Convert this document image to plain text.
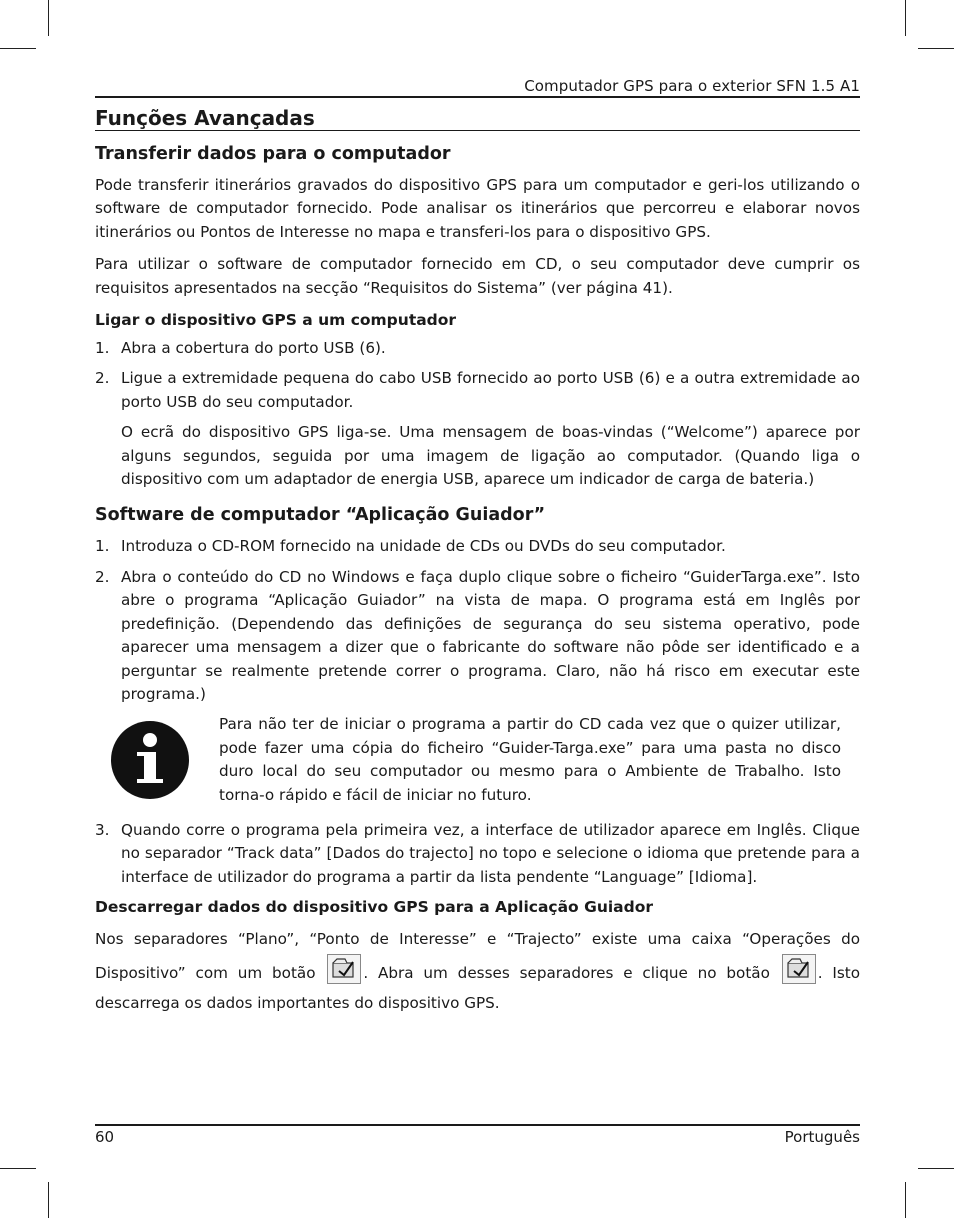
Computador GPS para o exterior SFN 1.5 A1
Funções Avançadas
Transferir dados para o computador

Pode transferir itinerários gravados do dispositivo GPS para um computador e geri-los utilizando o software de computador fornecido. Pode analisar os itinerários que percorreu e elaborar novos itinerários ou Pontos de Interesse no mapa e transferi-los para o dispositivo GPS.

Para utilizar o software de computador fornecido em CD, o seu computador deve cumprir os requisitos apresentados na secção “Requisitos do Sistema” (ver página 41).

Ligar o dispositivo GPS a um computador
1. Abra a cobertura do porto USB (6).
2. Ligue a extremidade pequena do cabo USB fornecido ao porto USB (6) e a outra extremidade ao porto USB do seu computador.

O ecrã do dispositivo GPS liga-se. Uma mensagem de boas-vindas (“Welcome”) aparece por alguns segundos, seguida por uma imagem de ligação ao computador. (Quando liga o dispositivo com um adaptador de energia USB, aparece um indicador de carga de bateria.)

Software de computador “Aplicação Guiador”
1. Introduza o CD-ROM fornecido na unidade de CDs ou DVDs do seu computador.
2. Abra o conteúdo do CD no Windows e faça duplo clique sobre o ficheiro “GuiderTarga.exe”. Isto abre o programa “Aplicação Guiador” na vista de mapa. O programa está em Inglês por predefinição. (Dependendo das definições de segurança do seu sistema operativo, pode aparecer uma mensagem a dizer que o fabricante do software não pôde ser identificado e a perguntar se realmente pretende correr o programa. Claro, não há risco em executar este programa.)
Para não ter de iniciar o programa a partir do CD cada vez que o quizer utilizar, pode fazer uma cópia do ficheiro “Guider-Targa.exe” para uma pasta no disco duro local do seu computador ou mesmo para o Ambiente de Trabalho. Isto torna-o rápido e fácil de iniciar no futuro.
3. Quando corre o programa pela primeira vez, a interface de utilizador aparece em Inglês. Clique no separador “Track data” [Dados do trajecto] no topo e selecione o idioma que pretende para a interface de utilizador do programa a partir da lista pendente “Language” [Idioma].
Descarregar dados do dispositivo GPS para a Aplicação Guiador

Nos separadores “Plano”, “Ponto de Interesse” e “Trajecto” existe uma caixa “Operações do Dispositivo” com um botão	. Abra um desses separadores e clique no botão	. Isto descarrega os dados importantes do dispositivo GPS.

60	Português
